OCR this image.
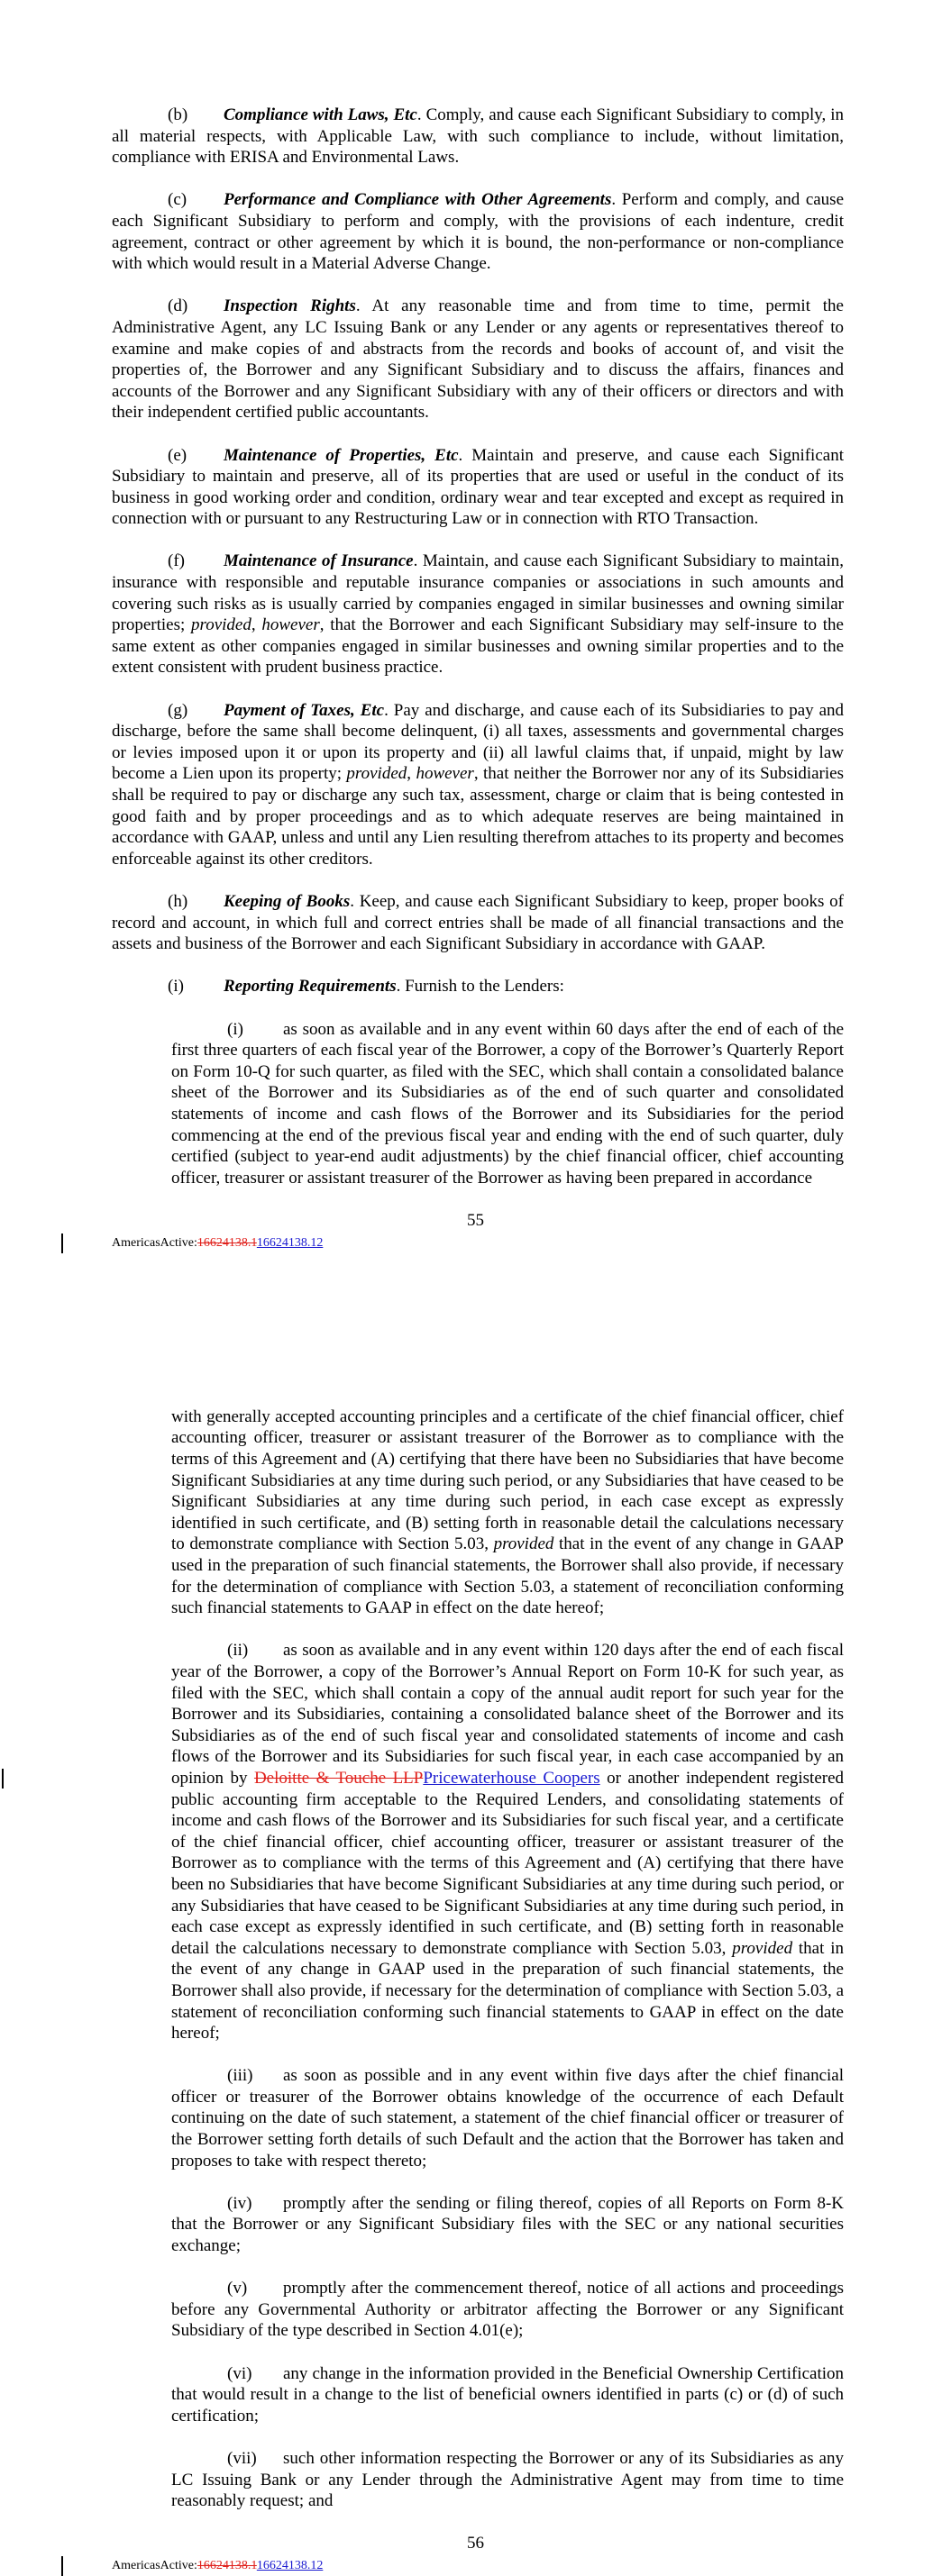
(b) Compliance with Laws, Etc. Comply, and cause each Significant Subsidiary to comply, in all material respects, with Applicable Law, with such compliance to include, without limitation, compliance with ERISA and Environmental Laws.

(c) Performance and Compliance with Other Agreements. Perform and comply, and cause each Significant Subsidiary to perform and comply, with the provisions of each indenture, credit agreement, contract or other agreement by which it is bound, the non-performance or non-compliance with which would result in a Material Adverse Change.

(d) Inspection Rights. At any reasonable time and from time to time, permit the Administrative Agent, any LC Issuing Bank or any Lender or any agents or representatives thereof to examine and make copies of and abstracts from the records and books of account of, and visit the properties of, the Borrower and any Significant Subsidiary and to discuss the affairs, finances and accounts of the Borrower and any Significant Subsidiary with any of their officers or directors and with their independent certified public accountants.

(e) Maintenance of Properties, Etc. Maintain and preserve, and cause each Significant Subsidiary to maintain and preserve, all of its properties that are used or useful in the conduct of its business in good working order and condition, ordinary wear and tear excepted and except as required in connection with or pursuant to any Restructuring Law or in connection with RTO Transaction.

(f) Maintenance of Insurance. Maintain, and cause each Significant Subsidiary to maintain, insurance with responsible and reputable insurance companies or associations in such amounts and covering such risks as is usually carried by companies engaged in similar businesses and owning similar properties; provided, however, that the Borrower and each Significant Subsidiary may self-insure to the same extent as other companies engaged in similar businesses and owning similar properties and to the extent consistent with prudent business practice.

(g) Payment of Taxes, Etc. Pay and discharge, and cause each of its Subsidiaries to pay and discharge, before the same shall become delinquent, (i) all taxes, assessments and governmental charges or levies imposed upon it or upon its property and (ii) all lawful claims that, if unpaid, might by law become a Lien upon its property; provided, however, that neither the Borrower nor any of its Subsidiaries shall be required to pay or discharge any such tax, assessment, charge or claim that is being contested in good faith and by proper proceedings and as to which adequate reserves are being maintained in accordance with GAAP, unless and until any Lien resulting therefrom attaches to its property and becomes enforceable against its other creditors.

(h) Keeping of Books. Keep, and cause each Significant Subsidiary to keep, proper books of record and account, in which full and correct entries shall be made of all financial transactions and the assets and business of the Borrower and each Significant Subsidiary in accordance with GAAP.

(i) Reporting Requirements. Furnish to the Lenders:

(i) as soon as available and in any event within 60 days after the end of each of the first three quarters of each fiscal year of the Borrower, a copy of the Borrower’s Quarterly Report on Form 10-Q for such quarter, as filed with the SEC, which shall contain a consolidated balance sheet of the Borrower and its Subsidiaries as of the end of such quarter and consolidated statements of income and cash flows of the Borrower and its Subsidiaries for the period commencing at the end of the previous fiscal year and ending with the end of such quarter, duly certified (subject to year-end audit adjustments) by the chief financial officer, chief accounting officer, treasurer or assistant treasurer of the Borrower as having been prepared in accordance

55
AmericasActive:16624138.116624138.12

with generally accepted accounting principles and a certificate of the chief financial officer, chief accounting officer, treasurer or assistant treasurer of the Borrower as to compliance with the terms of this Agreement and (A) certifying that there have been no Subsidiaries that have become Significant Subsidiaries at any time during such period, or any Subsidiaries that have ceased to be Significant Subsidiaries at any time during such period, in each case except as expressly identified in such certificate, and (B) setting forth in reasonable detail the calculations necessary to demonstrate compliance with Section 5.03, provided that in the event of any change in GAAP used in the preparation of such financial statements, the Borrower shall also provide, if necessary for the determination of compliance with Section 5.03, a statement of reconciliation conforming such financial statements to GAAP in effect on the date hereof;

(ii) as soon as available and in any event within 120 days after the end of each fiscal year of the Borrower, a copy of the Borrower’s Annual Report on Form 10-K for such year, as filed with the SEC, which shall contain a copy of the annual audit report for such year for the Borrower and its Subsidiaries, containing a consolidated balance sheet of the Borrower and its Subsidiaries as of the end of such fiscal year and consolidated statements of income and cash flows of the Borrower and its Subsidiaries for such fiscal year, in each case accompanied by an opinion by
Deloitte & Touche LLPPricewaterhouse Coopers or another independent registered public accounting firm acceptable to the Required Lenders, and consolidating statements of income and cash flows of the Borrower and its Subsidiaries for such fiscal year, and a certificate of the chief financial officer, chief accounting officer, treasurer or assistant treasurer of the Borrower as to compliance with the terms of this Agreement and (A) certifying that there have been no Subsidiaries that have become Significant Subsidiaries at any time during such period, or any Subsidiaries that have ceased to be Significant Subsidiaries at any time during such period, in each case except as expressly identified in such certificate, and (B) setting forth in reasonable detail the calculations necessary to demonstrate compliance with Section 5.03, provided that in the event of any change in GAAP used in the preparation of such financial statements, the Borrower shall also provide, if necessary for the determination of compliance with Section 5.03, a statement of reconciliation conforming such financial statements to GAAP in effect on the date hereof;

(iii) as soon as possible and in any event within five days after the chief financial officer or treasurer of the Borrower obtains knowledge of the occurrence of each Default continuing on the date of such statement, a statement of the chief financial officer or treasurer of the Borrower setting forth details of such Default and the action that the Borrower has taken and proposes to take with respect thereto;

(iv) promptly after the sending or filing thereof, copies of all Reports on Form 8-K that the Borrower or any Significant Subsidiary files with the SEC or any national securities exchange;

(v) promptly after the commencement thereof, notice of all actions and proceedings before any Governmental Authority or arbitrator affecting the Borrower or any Significant Subsidiary of the type described in Section 4.01(e);

(vi) any change in the information provided in the Beneficial Ownership Certification that would result in a change to the list of beneficial owners identified in parts (c) or (d) of such certification;

(vii) such other information respecting the Borrower or any of its Subsidiaries as any LC Issuing Bank or any Lender through the Administrative Agent may from time to time reasonably request; and

56
AmericasActive:16624138.116624138.12
